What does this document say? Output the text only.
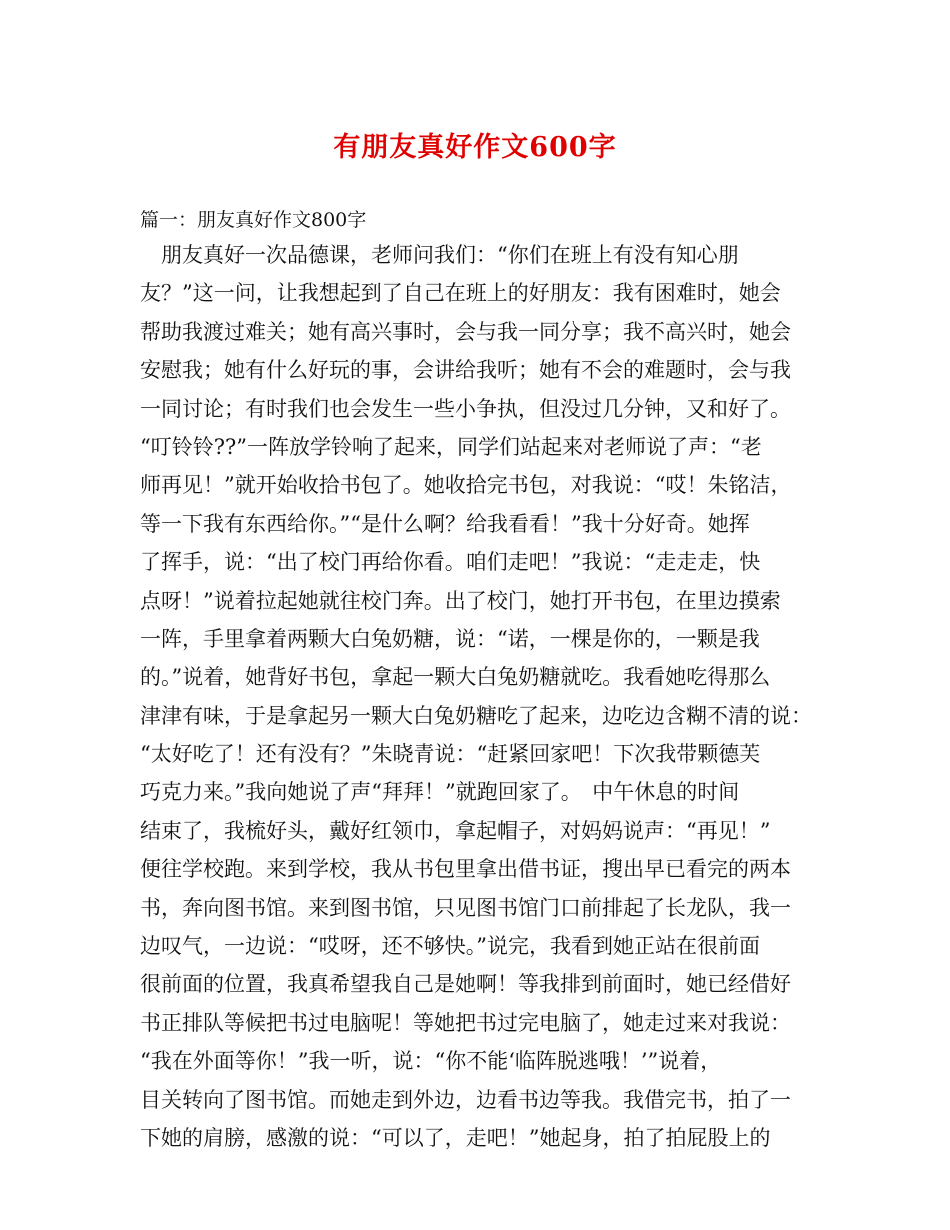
有朋友真好作文600字
篇一：朋友真好作文800字
　朋友真好一次品德课，老师问我们：“你们在班上有没有知心朋
友？”这一问，让我想起到了自己在班上的好朋友：我有困难时，她会
帮助我渡过难关；她有高兴事时，会与我一同分享；我不高兴时，她会
安慰我；她有什么好玩的事，会讲给我听；她有不会的难题时，会与我
一同讨论；有时我们也会发生一些小争执，但没过几分钟，又和好了。
“叮铃铃??”一阵放学铃响了起来，同学们站起来对老师说了声：“老
师再见！”就开始收拾书包了。她收拾完书包，对我说：“哎！朱铭洁，
等一下我有东西给你。”“是什么啊？给我看看！”我十分好奇。她挥
了挥手，说：“出了校门再给你看。咱们走吧！”我说：“走走走，快
点呀！”说着拉起她就往校门奔。出了校门，她打开书包，在里边摸索
一阵，手里拿着两颗大白兔奶糖，说：“诺，一棵是你的，一颗是我
的。”说着，她背好书包，拿起一颗大白兔奶糖就吃。我看她吃得那么
津津有味，于是拿起另一颗大白兔奶糖吃了起来，边吃边含糊不清的说：
“太好吃了！还有没有？”朱晓青说：“赶紧回家吧！下次我带颗德芙
巧克力来。”我向她说了声“拜拜！”就跑回家了。　中午休息的时间
结束了，我梳好头，戴好红领巾，拿起帽子，对妈妈说声：“再见！”
便往学校跑。来到学校，我从书包里拿出借书证，搜出早已看完的两本
书，奔向图书馆。来到图书馆，只见图书馆门口前排起了长龙队，我一
边叹气，一边说：“哎呀，还不够快。”说完，我看到她正站在很前面
很前面的位置，我真希望我自己是她啊！等我排到前面时，她已经借好
书正排队等候把书过电脑呢！等她把书过完电脑了，她走过来对我说：
“我在外面等你！”我一听，说：“你不能‘临阵脱逃哦！’”说着，
目关转向了图书馆。而她走到外边，边看书边等我。我借完书，拍了一
下她的肩膀，感激的说：“可以了，走吧！”她起身，拍了拍屁股上的
